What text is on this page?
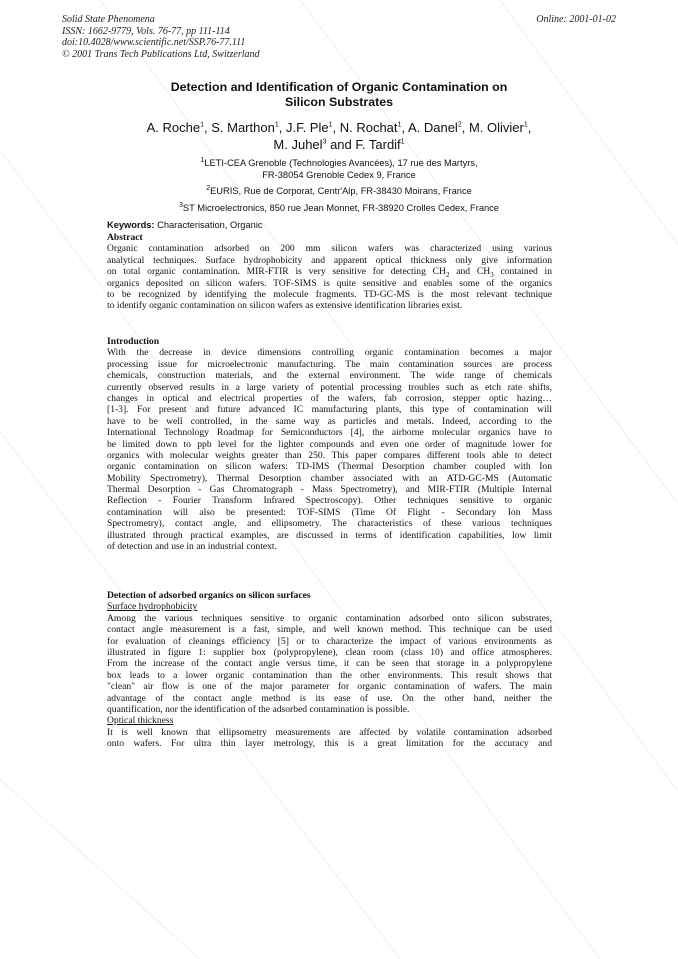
Solid State Phenomena
ISSN: 1662-9779, Vols. 76-77, pp 111-114
doi:10.4028/www.scientific.net/SSP.76-77.111
© 2001 Trans Tech Publications Ltd, Switzerland
Online: 2001-01-02
Detection and Identification of Organic Contamination on
Silicon Substrates
A. Roche$^1$, S. Marthon$^1$, J.F. Ple$^1$, N. Rochat$^1$, A. Danel$^2$, M. Olivier$^1$,
M. Juhel$^3$ and F. Tardif$^1$
$^1$LETI-CEA Grenoble (Technologies Avancées), 17 rue des Martyrs,
FR-38054 Grenoble Cedex 9, France
$^2$EURIS, Rue de Corporat, Centr'Alp, FR-38430 Moirans, France
$^3$ST Microelectronics, 850 rue Jean Monnet, FR-38920 Crolles Cedex, France
Keywords: Characterisation, Organic
Abstract
Organic contamination adsorbed on 200 mm silicon wafers was characterized using various
analytical techniques. Surface hydrophobicity and apparent optical thickness only give information
on total organic contamination. MIR-FTIR is very sensitive for detecting $CH_2$ and $CH_3$ contained in
organics deposited on silicon wafers. TOF-SIMS is quite sensitive and enables some of the organics
to be recognized by identifying the molecule fragments. TD-GC-MS is the most relevant technique
to identify organic contamination on silicon wafers as extensive identification libraries exist.
Introduction
With the decrease in device dimensions controlling organic contamination becomes a major
processing issue for microelectronic manufacturing. The main contamination sources are process
chemicals, construction materials, and the external environment. The wide range of chemicals
currently observed results in a large variety of potential processing troubles such as etch rate shifts,
changes in optical and electrical properties of the wafers, fab corrosion, stepper optic hazing…
[1-3]. For present and future advanced IC manufacturing plants, this type of contamination will
have to be well controlled, in the same way as particles and metals. Indeed, according to the
International Technology Roadmap for Semiconductors [4], the airborne molecular organics have to
be limited down to ppb level for the lighter compounds and even one order of magnitude lower for
organics with molecular weights greater than 250. This paper compares different tools able to detect
organic contamination on silicon wafers: TD-IMS (Thermal Desorption chamber coupled with Ion
Mobility Spectrometry), Thermal Desorption chamber associated with an ATD-GC-MS (Automatic
Thermal Desorption - Gas Chromatograph - Mass Spectrometry), and MIR-FTIR (Multiple Internal
Reflection - Fourier Transform Infrared Spectroscopy). Other techniques sensitive to organic
contamination will also be presented: TOF-SIMS (Time Of Flight - Secondary Ion Mass
Spectrometry), contact angle, and ellipsometry. The characteristics of these various techniques
illustrated through practical examples, are discussed in terms of identification capabilities, low limit
of detection and use in an industrial context.
Detection of adsorbed organics on silicon surfaces
Surface hydrophobicity
Among the various techniques sensitive to organic contamination adsorbed onto silicon substrates,
contact angle measurement is a fast, simple, and well known method. This technique can be used
for evaluation of cleanings efficiency [5] or to characterize the impact of various environments as
illustrated in figure 1: supplier box (polypropylene), clean room (class 10) and office atmospheres.
From the increase of the contact angle versus time, it can be seen that storage in a polypropylene
box leads to a lower organic contamination than the other environments. This result shows that
"clean" air flow is one of the major parameter for organic contamination of wafers. The main
advantage of the contact angle method is its ease of use. On the other hand, neither the
quantification, nor the identification of the adsorbed contamination is possible.
Optical thickness
It is well known that ellipsometry measurements are affected by volatile contamination adsorbed
onto wafers. For ultra thin layer metrology, this is a great limitation for the accuracy and
